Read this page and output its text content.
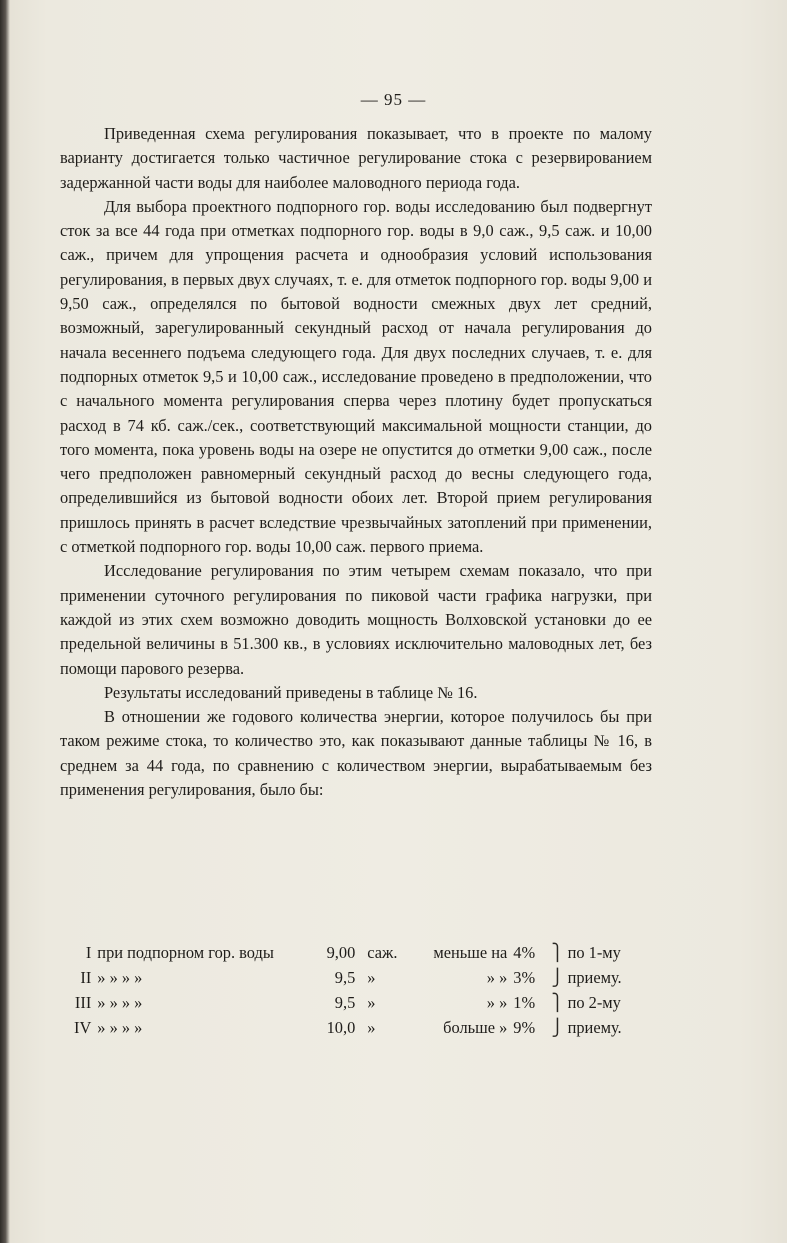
— 95 —

Приведенная схема регулирования показывает, что в проекте по малому варианту достигается только частичное регулирование стока с резервированием задержанной части воды для наиболее маловодного периода года.

Для выбора проектного подпорного гор. воды исследованию был подвергнут сток за все 44 года при отметках подпорного гор. воды в 9,0 саж., 9,5 саж. и 10,00 саж., причем для упрощения расчета и однообразия условий использования регулирования, в первых двух случаях, т. е. для отметок подпорного гор. воды 9,00 и 9,50 саж., определялся по бытовой водности смежных двух лет средний, возможный, зарегулированный секундный расход от начала регулирования до начала весеннего подъема следующего года. Для двух последних случаев, т. е. для подпорных отметок 9,5 и 10,00 саж., исследование проведено в предположении, что с начального момента регулирования сперва через плотину будет пропускаться расход в 74 кб. саж./сек., соответствующий максимальной мощности станции, до того момента, пока уровень воды на озере не опустится до отметки 9,00 саж., после чего предположен равномерный секундный расход до весны следующего года, определившийся из бытовой водности обоих лет. Второй прием регулирования пришлось принять в расчет вследствие чрезвычайных затоплений при применении, с отметкой подпорного гор. воды 10,00 саж. первого приема.

Исследование регулирования по этим четырем схемам показало, что при применении суточного регулирования по пиковой части графика нагрузки, при каждой из этих схем возможно доводить мощность Волховской установки до ее предельной величины в 51.300 кв., в условиях исключительно маловодных лет, без помощи парового резерва.

Результаты исследований приведены в таблице № 16.

В отношении же годового количества энергии, которое получилось бы при таком режиме стока, то количество это, как показывают данные таблицы № 16, в среднем за 44 года, по сравнению с количеством энергии, вырабатываемым без применения регулирования, было бы:

I	при подпорном гор. воды	9,00	саж.	меньше на	4%	⎫	по 1-му
II	» » » »	9,5	»	» »	3%	⎭	приему.
III	» » » »	9,5	»	» »	1%	⎫	по 2-му
IV	» » » »	10,0	»	больше »	9%	⎭	приему.
